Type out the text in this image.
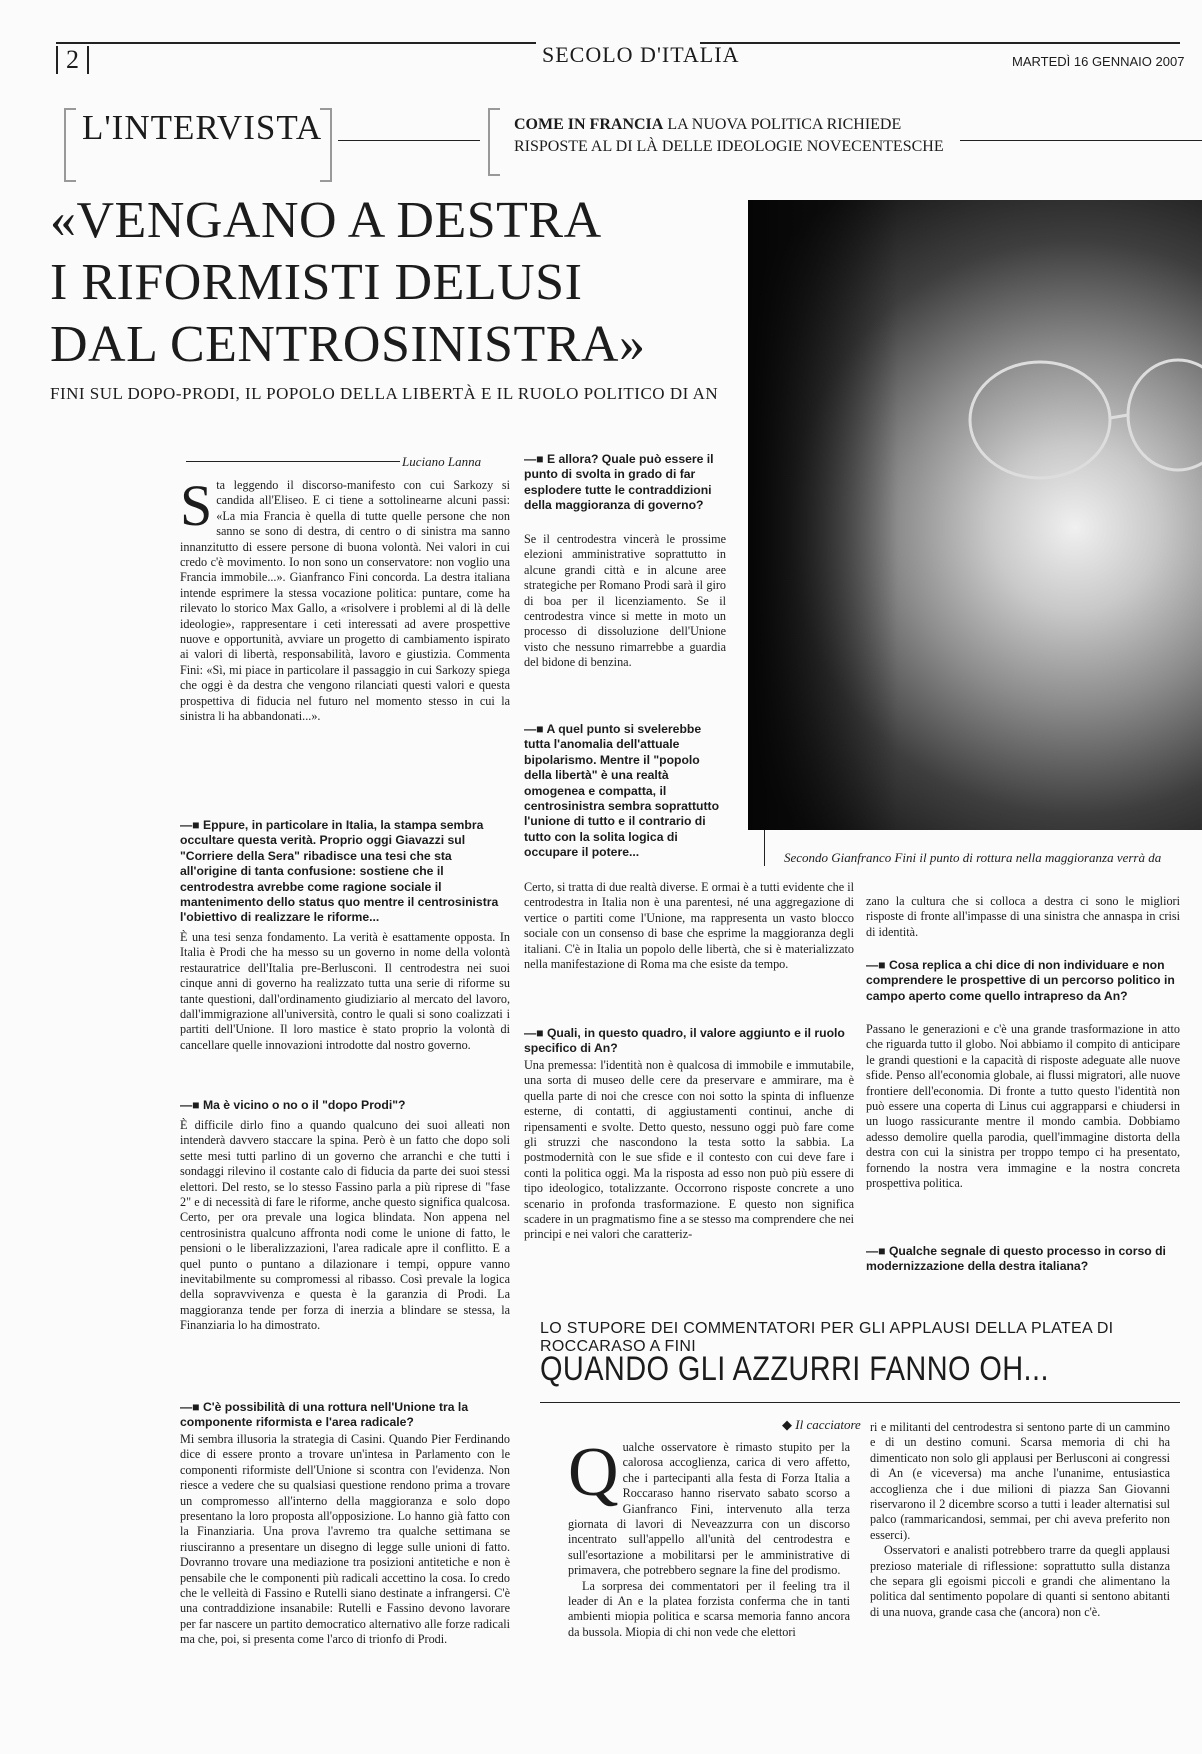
2	SECOLO D'ITALIA	MARTEDÌ 16 GENNAIO 2007
L'INTERVISTA	COME IN FRANCIA LA NUOVA POLITICA RICHIEDE
RISPOSTE AL DI LÀ DELLE IDEOLOGIE NOVECENTESCHE
«VENGANO A DESTRA
I RIFORMISTI DELUSI
DAL CENTROSINISTRA»
FINI SUL DOPO-PRODI, IL POPOLO DELLA LIBERTÀ E IL RUOLO POLITICO DI AN
Secondo Gianfranco Fini il punto di rottura nella maggioranza verrà da
Luciano Lanna
Sta leggendo il discorso-manifesto con cui Sarkozy si candida all'Eliseo. E ci tiene a sottolinearne alcuni passi: «La mia Francia è quella di tutte quelle persone che non sanno se sono di destra, di centro o di sinistra ma sanno innanzitutto di essere persone di buona volontà. Nei valori in cui credo c'è movimento. Io non sono un conservatore: non voglio una Francia immobile...». Gianfranco Fini concorda. La destra italiana intende esprimere la stessa vocazione politica: puntare, come ha rilevato lo storico Max Gallo, a «risolvere i problemi al di là delle ideologie», rappresentare i ceti interessati ad avere prospettive nuove e opportunità, avviare un progetto di cambiamento ispirato ai valori di libertà, responsabilità, lavoro e giustizia. Commenta Fini: «Sì, mi piace in particolare il passaggio in cui Sarkozy spiega che oggi è da destra che vengono rilanciati questi valori e questa prospettiva di fiducia nel futuro nel momento stesso in cui la sinistra li ha abbandonati...».
—■ Eppure, in particolare in Italia, la stampa sembra occultare questa verità. Proprio oggi Giavazzi sul "Corriere della Sera" ribadisce una tesi che sta all'origine di tanta confusione: sostiene che il centrodestra avrebbe come ragione sociale il mantenimento dello status quo mentre il centrosinistra l'obiettivo di realizzare le riforme...
È una tesi senza fondamento. La verità è esattamente opposta. In Italia è Prodi che ha messo su un governo in nome della volontà restauratrice dell'Italia pre-Berlusconi. Il centrodestra nei suoi cinque anni di governo ha realizzato tutta una serie di riforme su tante questioni, dall'ordinamento giudiziario al mercato del lavoro, dall'immigrazione all'università, contro le quali si sono coalizzati i partiti dell'Unione. Il loro mastice è stato proprio la volontà di cancellare quelle innovazioni introdotte dal nostro governo.
—■ Ma è vicino o no o il "dopo Prodi"?
È difficile dirlo fino a quando qualcuno dei suoi alleati non intenderà davvero staccare la spina. Però è un fatto che dopo soli sette mesi tutti parlino di un governo che arranchi e che tutti i sondaggi rilevino il costante calo di fiducia da parte dei suoi stessi elettori. Del resto, se lo stesso Fassino parla a più riprese di "fase 2" e di necessità di fare le riforme, anche questo significa qualcosa. Certo, per ora prevale una logica blindata. Non appena nel centrosinistra qualcuno affronta nodi come le unione di fatto, le pensioni o le liberalizzazioni, l'area radicale apre il conflitto. E a quel punto o puntano a dilazionare i tempi, oppure vanno inevitabilmente su compromessi al ribasso. Così prevale la logica della sopravvivenza e questa è la garanzia di Prodi. La maggioranza tende per forza di inerzia a blindare se stessa, la Finanziaria lo ha dimostrato.
—■ C'è possibilità di una rottura nell'Unione tra la componente riformista e l'area radicale?
Mi sembra illusoria la strategia di Casini. Quando Pier Ferdinando dice di essere pronto a trovare un'intesa in Parlamento con le componenti riformiste dell'Unione si scontra con l'evidenza. Non riesce a vedere che su qualsiasi questione rendono prima a trovare un compromesso all'interno della maggioranza e solo dopo presentano la loro proposta all'opposizione. Lo hanno già fatto con la Finanziaria. Una prova l'avremo tra qualche settimana se riusciranno a presentare un disegno di legge sulle unioni di fatto. Dovranno trovare una mediazione tra posizioni antitetiche e non è pensabile che le componenti più radicali accettino la cosa. Io credo che le velleità di Fassino e Rutelli siano destinate a infrangersi. C'è una contraddizione insanabile: Rutelli e Fassino devono lavorare per far nascere un partito democratico alternativo alle forze radicali ma che, poi, si presenta come l'arco di trionfo di Prodi.
—■ E allora? Quale può essere il punto di svolta in grado di far esplodere tutte le contraddizioni della maggioranza di governo?
Se il centrodestra vincerà le prossime elezioni amministrative soprattutto in alcune grandi città e in alcune aree strategiche per Romano Prodi sarà il giro di boa per il licenziamento. Se il centrodestra vince si mette in moto un processo di dissoluzione dell'Unione visto che nessuno rimarrebbe a guardia del bidone di benzina.
—■ A quel punto si svelerebbe tutta l'anomalia dell'attuale bipolarismo. Mentre il "popolo della libertà" è una realtà omogenea e compatta, il centrosinistra sembra soprattutto l'unione di tutto e il contrario di tutto con la solita logica di occupare il potere...
Certo, si tratta di due realtà diverse. E ormai è a tutti evidente che il centrodestra in Italia non è una parentesi, né una aggregazione di vertice o partiti come l'Unione, ma rappresenta un vasto blocco sociale con un consenso di base che esprime la maggioranza degli italiani. C'è in Italia un popolo delle libertà, che si è materializzato nella manifestazione di Roma ma che esiste da tempo.
—■ Quali, in questo quadro, il valore aggiunto e il ruolo specifico di An?
Una premessa: l'identità non è qualcosa di immobile e immutabile, una sorta di museo delle cere da preservare e ammirare, ma è quella parte di noi che cresce con noi sotto la spinta di influenze esterne, di contatti, di aggiustamenti continui, anche di ripensamenti e svolte. Detto questo, nessuno oggi può fare come gli struzzi che nascondono la testa sotto la sabbia. La postmodernità con le sue sfide e il contesto con cui deve fare i conti la politica oggi. Ma la risposta ad esso non può più essere di tipo ideologico, totalizzante. Occorrono risposte concrete a uno scenario in profonda trasformazione. E questo non significa scadere in un pragmatismo fine a se stesso ma comprendere che nei principi e nei valori che caratteriz-
zano la cultura che si colloca a destra ci sono le migliori risposte di fronte all'impasse di una sinistra che annaspa in crisi di identità.
—■ Cosa replica a chi dice di non individuare e non comprendere le prospettive di un percorso politico in campo aperto come quello intrapreso da An?
Passano le generazioni e c'è una grande trasformazione in atto che riguarda tutto il globo. Noi abbiamo il compito di anticipare le grandi questioni e la capacità di risposte adeguate alle nuove sfide. Penso all'economia globale, ai flussi migratori, alle nuove frontiere dell'economia. Di fronte a tutto questo l'identità non può essere una coperta di Linus cui aggrapparsi e chiudersi in un luogo rassicurante mentre il mondo cambia. Dobbiamo adesso demolire quella parodia, quell'immagine distorta della destra con cui la sinistra per troppo tempo ci ha presentato, fornendo la nostra vera immagine e la nostra concreta prospettiva politica.
—■ Qualche segnale di questo processo in corso di modernizzazione della destra italiana?
LO STUPORE DEI COMMENTATORI PER GLI APPLAUSI DELLA PLATEA DI ROCCARASO A FINI
QUANDO GLI AZZURRI FANNO OH...
◆ Il cacciatore
Qualche osservatore è rimasto stupito per la calorosa accoglienza, carica di vero affetto, che i partecipanti alla festa di Forza Italia a Roccaraso hanno riservato sabato scorso a Gianfranco Fini, intervenuto alla terza giornata di lavori di Neveazzurra con un discorso incentrato sull'appello all'unità del centrodestra e sull'esortazione a mobilitarsi per le amministrative di primavera, che potrebbero segnare la fine del prodismo.
La sorpresa dei commentatori per il feeling tra il leader di An e la platea forzista conferma che in tanti ambienti miopia politica e scarsa memoria fanno ancora da bussola. Miopia di chi non vede che elettori
ri e militanti del centrodestra si sentono parte di un cammino e di un destino comuni. Scarsa memoria di chi ha dimenticato non solo gli applausi per Berlusconi ai congressi di An (e viceversa) ma anche l'unanime, entusiastica accoglienza che i due milioni di piazza San Giovanni riservarono il 2 dicembre scorso a tutti i leader alternatisi sul palco (rammaricandosi, semmai, per chi aveva preferito non esserci).
Osservatori e analisti potrebbero trarre da quegli applausi prezioso materiale di riflessione: soprattutto sulla distanza che separa gli egoismi piccoli e grandi che alimentano la politica dal sentimento popolare di quanti si sentono abitanti di una nuova, grande casa che (ancora) non c'è.
